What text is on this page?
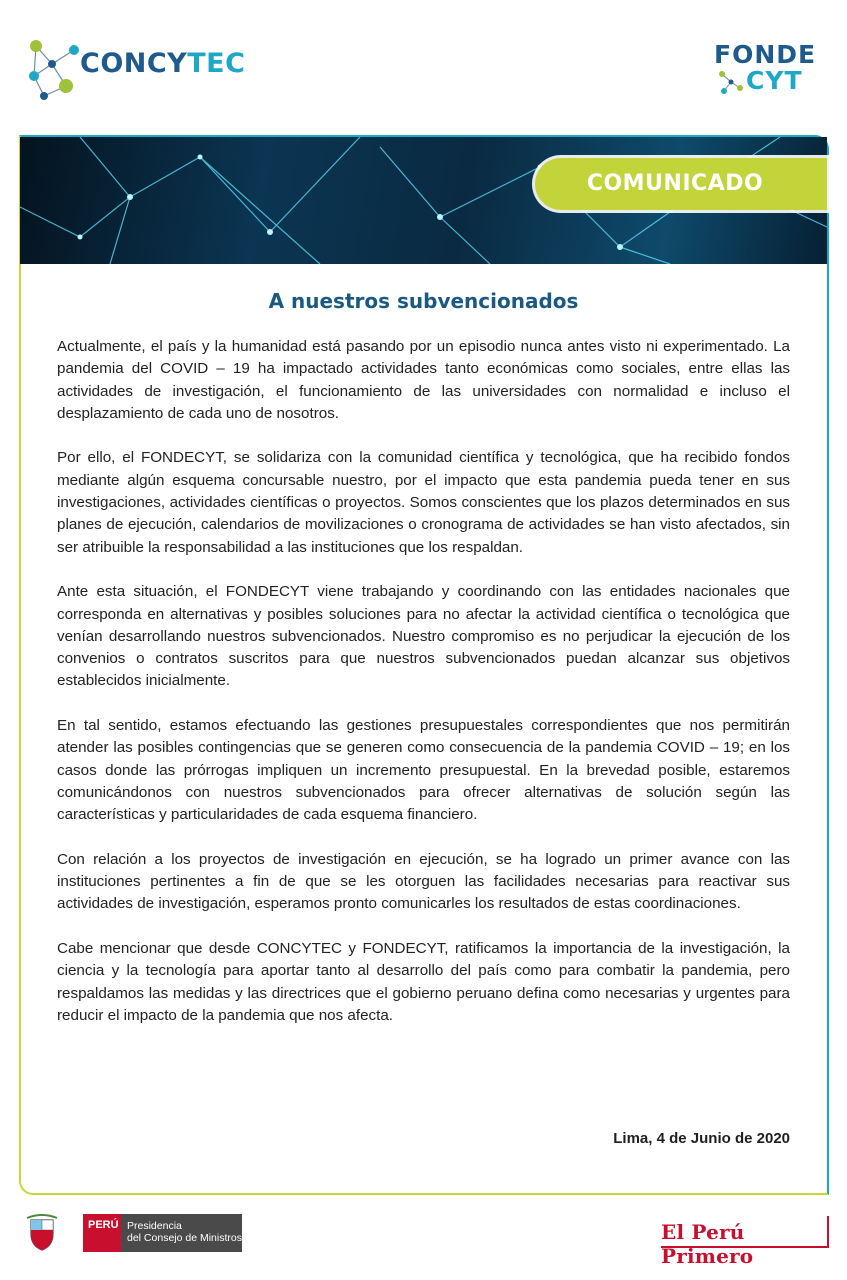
CONCYTEC	FONDE
CYT
COMUNICADO
A nuestros subvencionados

Actualmente, el país y la humanidad está pasando por un episodio nunca antes visto ni experimentado. La pandemia del COVID – 19 ha impactado actividades tanto económicas como sociales, entre ellas las actividades de investigación, el funcionamiento de las universidades con normalidad e incluso el desplazamiento de cada uno de nosotros.

Por ello, el FONDECYT, se solidariza con la comunidad científica y tecnológica, que ha recibido fondos mediante algún esquema concursable nuestro, por el impacto que esta pandemia pueda tener en sus investigaciones, actividades científicas o proyectos. Somos conscientes que los plazos determinados en sus planes de ejecución, calendarios de movilizaciones o cronograma de actividades se han visto afectados, sin ser atribuible la responsabilidad a las instituciones que los respaldan.

Ante esta situación, el FONDECYT viene trabajando y coordinando con las entidades nacionales que corresponda en alternativas y posibles soluciones para no afectar la actividad científica o tecnológica que venían desarrollando nuestros subvencionados. Nuestro compromiso es no perjudicar la ejecución de los convenios o contratos suscritos para que nuestros subvencionados puedan alcanzar sus objetivos establecidos inicialmente.

En tal sentido, estamos efectuando las gestiones presupuestales correspondientes que nos permitirán atender las posibles contingencias que se generen como consecuencia de la pandemia COVID – 19; en los casos donde las prórrogas impliquen un incremento presupuestal. En la brevedad posible, estaremos comunicándonos con nuestros subvencionados para ofrecer alternativas de solución según las características y particularidades de cada esquema financiero.

Con relación a los proyectos de investigación en ejecución, se ha logrado un primer avance con las instituciones pertinentes a fin de que se les otorguen las facilidades necesarias para reactivar sus actividades de investigación, esperamos pronto comunicarles los resultados de estas coordinaciones.

Cabe mencionar que desde CONCYTEC y FONDECYT, ratificamos la importancia de la investigación, la ciencia y la tecnología para aportar tanto al desarrollo del país como para combatir la pandemia, pero respaldamos las medidas y las directrices que el gobierno peruano defina como necesarias y urgentes para reducir el impacto de la pandemia que nos afecta.

Lima, 4 de Junio de 2020
PERÚ Presidencia
del Consejo de Ministros	El Perú Primero
